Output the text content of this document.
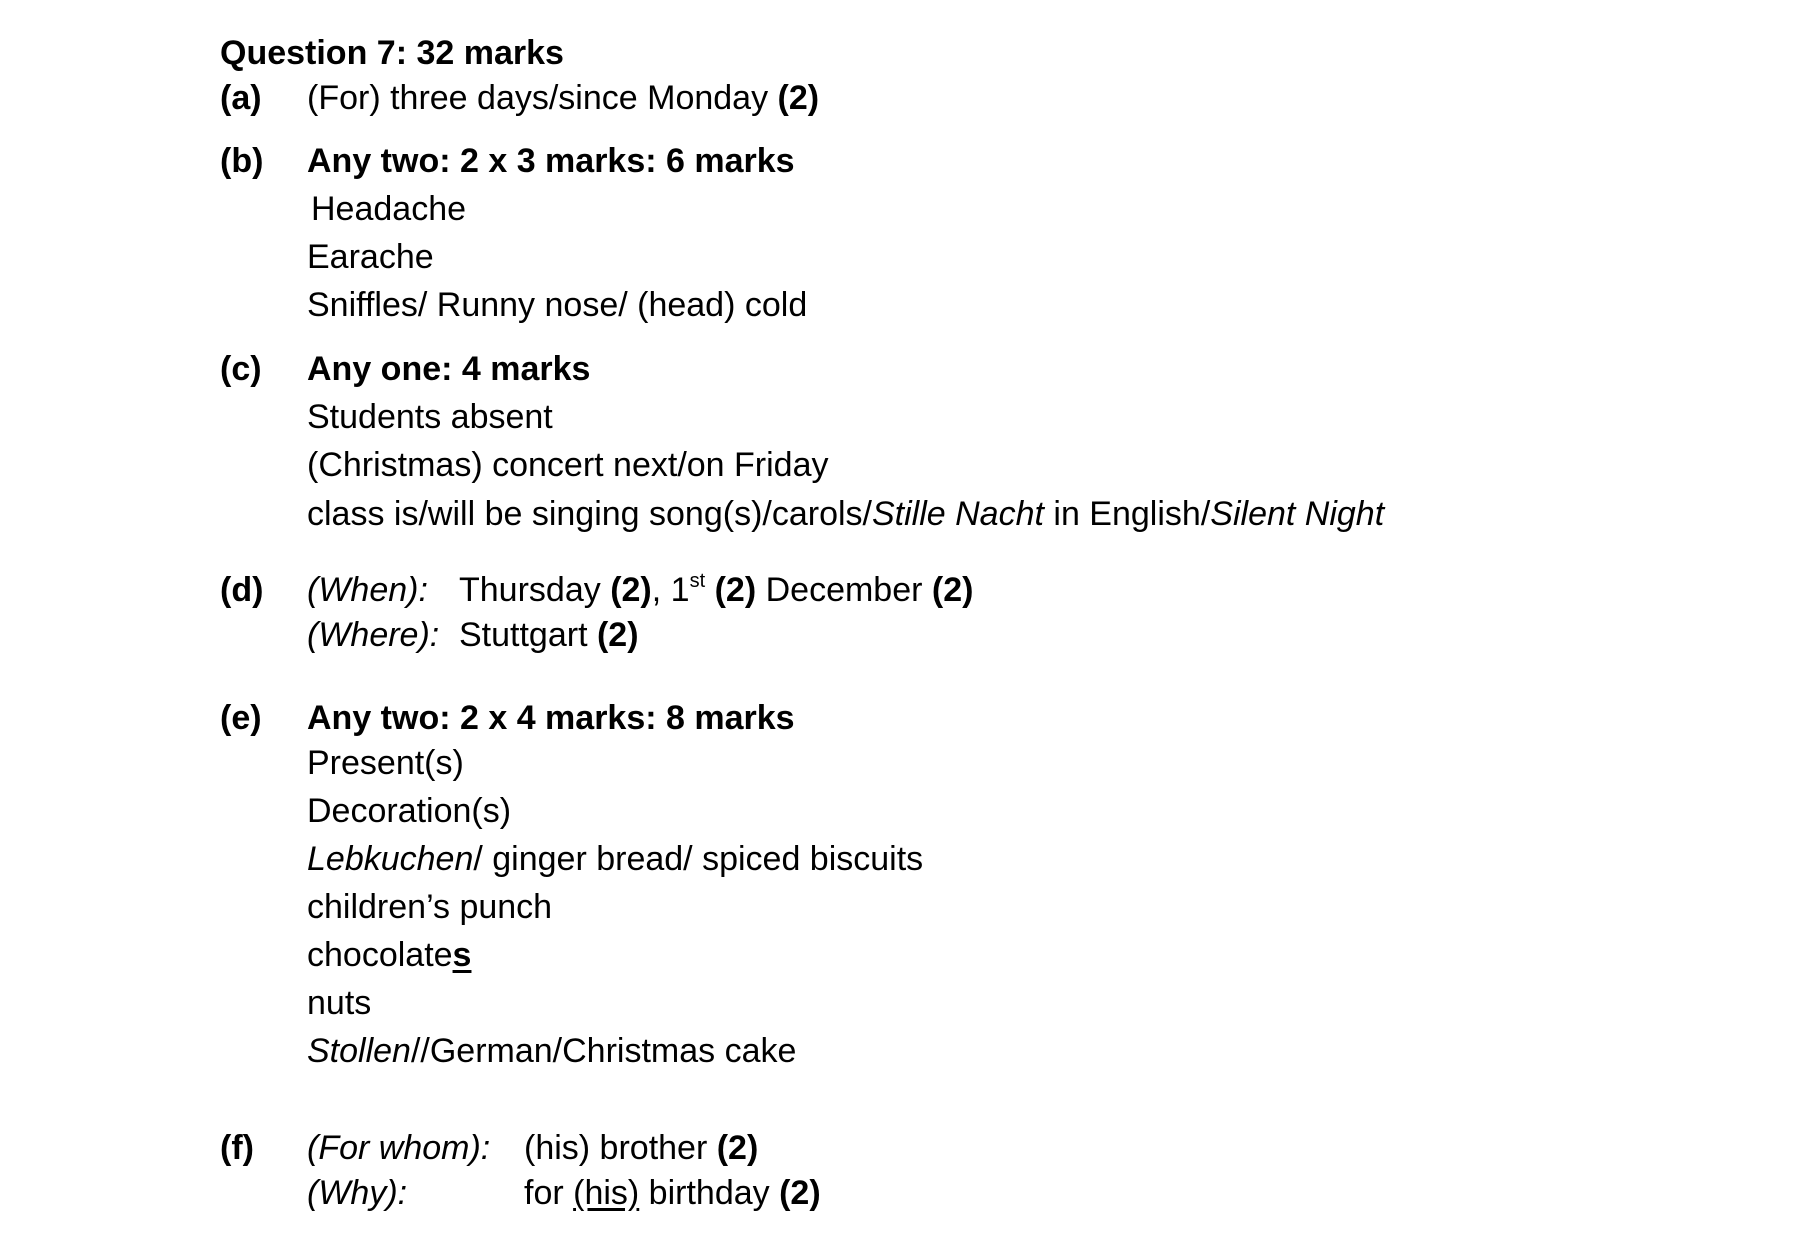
Question 7: 32 marks
(a) (For) three days/since Monday (2)
(b) Any two: 2 x 3 marks: 6 marks
Headache
Earache
Sniffles/ Runny nose/ (head) cold
(c) Any one: 4 marks
Students absent
(Christmas) concert next/on Friday
class is/will be singing song(s)/carols/Stille Nacht in English/Silent Night
(d) (When): Thursday (2), 1st (2) December (2)
(Where): Stuttgart (2)
(e) Any two: 2 x 4 marks: 8 marks
Present(s)
Decoration(s)
Lebkuchen/ ginger bread/ spiced biscuits
children’s punch
chocolates
nuts
Stollen//German/Christmas cake
(f) (For whom): (his) brother (2)
(Why):	for (his) birthday (2)
